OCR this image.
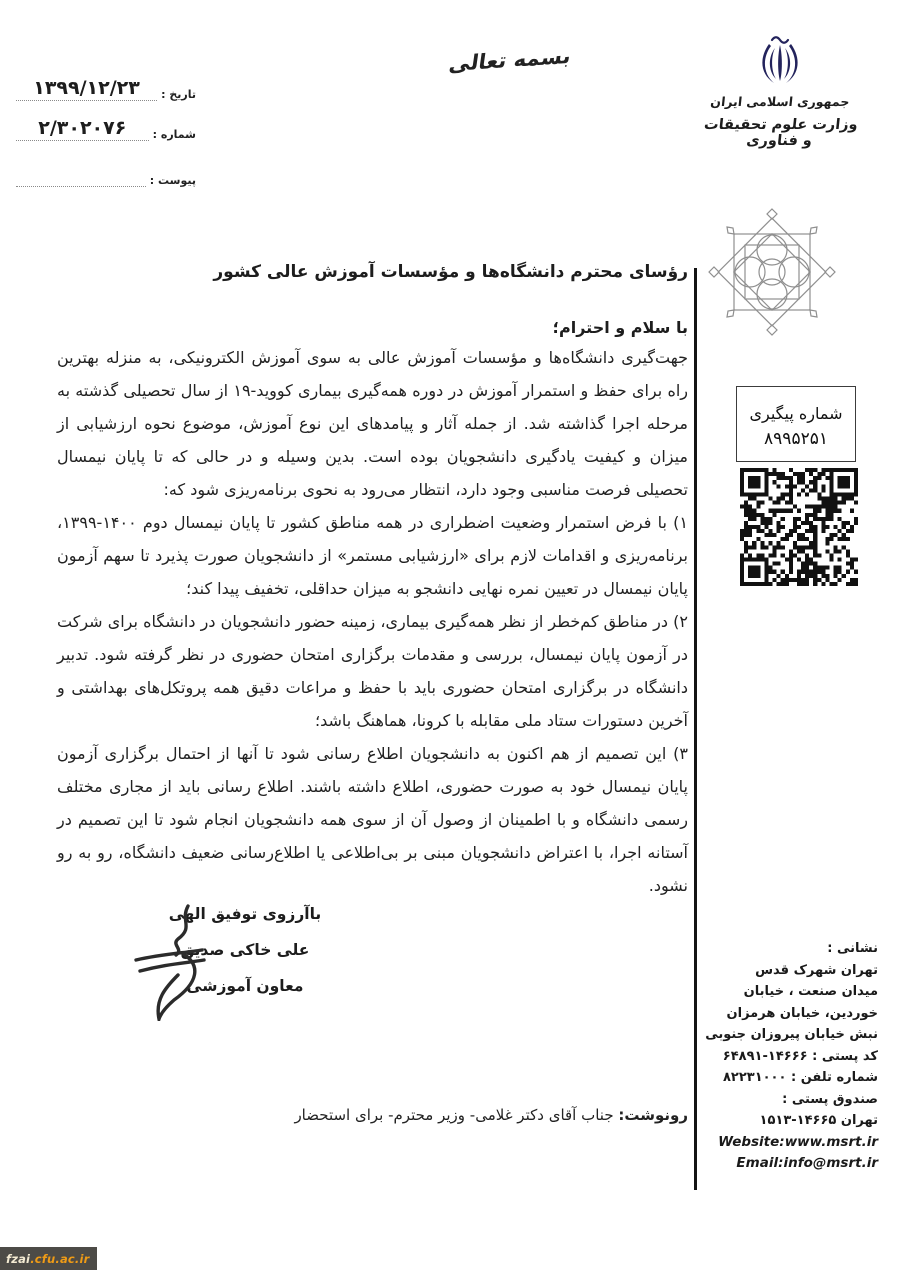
تاریخ :
۱۳۹۹/۱۲/۲۳
شماره :
۲/۳۰۲۰۷۶
پیوست :

بسمه تعالی
جمهوری اسلامی ایران
وزارت علوم تحقیقات و فناوری
شماره پیگیری
۸۹۹۵۲۵۱
رؤسای محترم دانشگاه‌ها و مؤسسات آموزش عالی کشور
با سلام و احترام؛

جهت‌گیری دانشگاه‌ها و مؤسسات آموزش عالی به سوی آموزش الکترونیکی، به منزله بهترین راه برای حفظ و استمرار آموزش در دوره همه‌گیری بیماری کووید-۱۹ از سال تحصیلی گذشته به مرحله اجرا گذاشته شد. از جمله آثار و پیامدهای این نوع آموزش، موضوع نحوه ارزشیابی از میزان و کیفیت یادگیری دانشجویان بوده است. بدین وسیله و در حالی که تا پایان نیمسال تحصیلی فرصت مناسبی وجود دارد، انتظار می‌رود به نحوی برنامه‌ریزی شود که:

۱) با فرض استمرار وضعیت اضطراری در همه مناطق کشور تا پایان نیمسال دوم ۱۴۰۰-۱۳۹۹، برنامه‌ریزی و اقدامات لازم برای «ارزشیابی مستمر» از دانشجویان صورت پذیرد تا سهم آزمون پایان نیمسال در تعیین نمره نهایی دانشجو به میزان حداقلی، تخفیف پیدا کند؛

۲) در مناطق کم‌خطر از نظر همه‌گیری بیماری، زمینه حضور دانشجویان در دانشگاه برای شرکت در آزمون پایان نیمسال، بررسی و مقدمات برگزاری امتحان حضوری در نظر گرفته شود. تدبیر دانشگاه در برگزاری امتحان حضوری باید با حفظ و مراعات دقیق همه پروتکل‌های بهداشتی و آخرین دستورات ستاد ملی مقابله با کرونا، هماهنگ باشد؛

۳) این تصمیم از هم اکنون به دانشجویان اطلاع رسانی شود تا آنها از احتمال برگزاری آزمون پایان نیمسال خود به صورت حضوری، اطلاع داشته باشند. اطلاع رسانی باید از مجاری مختلف رسمی دانشگاه و با اطمینان از وصول آن از سوی همه دانشجویان انجام شود تا این تصمیم در آستانه اجرا، با اعتراض دانشجویان مبنی بر بی‌اطلاعی یا اطلاع‌رسانی ضعیف دانشگاه، رو به رو نشود.

باآرزوی توفیق الهی
علی خاکی صدیق
معاون آموزشی
رونوشت: جناب آقای دکتر غلامی- وزیر محترم- برای استحضار
نشانی :
تهران شهرک قدس
میدان صنعت ، خیابان
خوردین، خیابان هرمزان
نبش خیابان پیروزان جنوبی
کد پستی : ۱۴۶۶۶-۶۴۸۹۱
شماره تلفن : ۸۲۲۳۱۰۰۰
صندوق پستی :
تهران ۱۴۶۶۵-۱۵۱۳
Website:www.msrt.ir
Email:info@msrt.ir
fzai .cfu.ac.ir
